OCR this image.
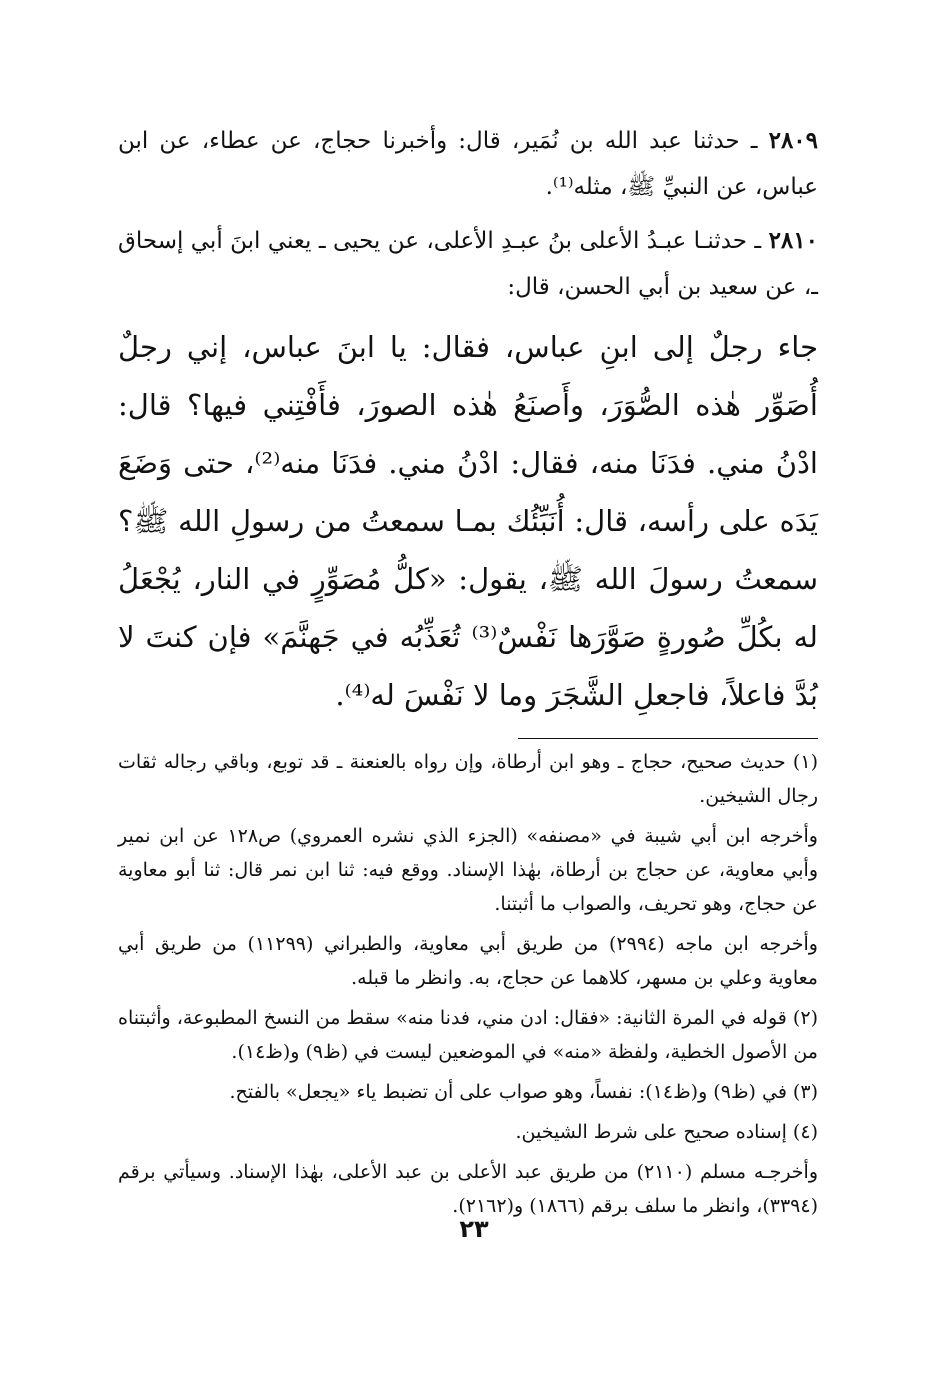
٢٨٠٩ ـ حدثنا عبد الله بن نُمَير، قال: وأخبرنا حجاج، عن عطاء، عن ابن عباس، عن النبيِّ ﷺ، مثله⁽¹⁾.

٢٨١٠ ـ حدثنـا عبـدُ الأعلى بنُ عبـدِ الأعلى، عن يحيى ـ يعني ابنَ أبي إسحاق ـ، عن سعيد بن أبي الحسن، قال:

جاء رجلٌ إلى ابنِ عباس، فقال: يا ابنَ عباس، إني رجلٌ أُصَوِّر هٰذه الصُّوَرَ، وأَصنَعُ هٰذه الصورَ، فأَفْتِني فيها؟ قال: ادْنُ مني. فدَنَا منه، فقال: ادْنُ مني. فدَنَا منه⁽²⁾، حتى وَضَعَ يَدَه على رأسه، قال: أُنَبِّئُك بمـا سمعتُ من رسولِ الله ﷺ؟ سمعتُ رسولَ الله ﷺ، يقول: «كلُّ مُصَوِّرٍ في النار، يُجْعَلُ له بكُلِّ صُورةٍ صَوَّرَها نَفْسٌ⁽³⁾ تُعَذِّبُه في جَهنَّمَ» فإن كنتَ لا بُدَّ فاعلاً، فاجعلِ الشَّجَرَ وما لا نَفْسَ له⁽⁴⁾.

(١) حديث صحيح، حجاج ـ وهو ابن أرطاة، وإن رواه بالعنعنة ـ قد توبع، وباقي رجاله ثقات رجال الشيخين.

وأخرجه ابن أبي شيبة في «مصنفه» (الجزء الذي نشره العمروي) ص١٢٨ عن ابن نمير وأبي معاوية، عن حجاج بن أرطاة، بهٰذا الإسناد. ووقع فيه: ثنا ابن نمر قال: ثنا أبو معاوية عن حجاج، وهو تحريف، والصواب ما أثبتنا.

وأخرجه ابن ماجه (٢٩٩٤) من طريق أبي معاوية، والطبراني (١١٢٩٩) من طريق أبي معاوية وعلي بن مسهر، كلاهما عن حجاج، به. وانظر ما قبله.

(٢) قوله في المرة الثانية: «فقال: ادن مني، فدنا منه» سقط من النسخ المطبوعة، وأثبتناه من الأصول الخطية، ولفظة «منه» في الموضعين ليست في (ظ٩) و(ظ١٤).

(٣) في (ظ٩) و(ظ١٤): نفساً، وهو صواب على أن تضبط ياء «يجعل» بالفتح.

(٤) إسناده صحيح على شرط الشيخين.

وأخرجـه مسلم (٢١١٠) من طريق عبد الأعلى بن عبد الأعلى، بهٰذا الإسناد. وسيأتي برقم (٣٣٩٤)، وانظر ما سلف برقم (١٨٦٦) و(٢١٦٢).

٢٣
